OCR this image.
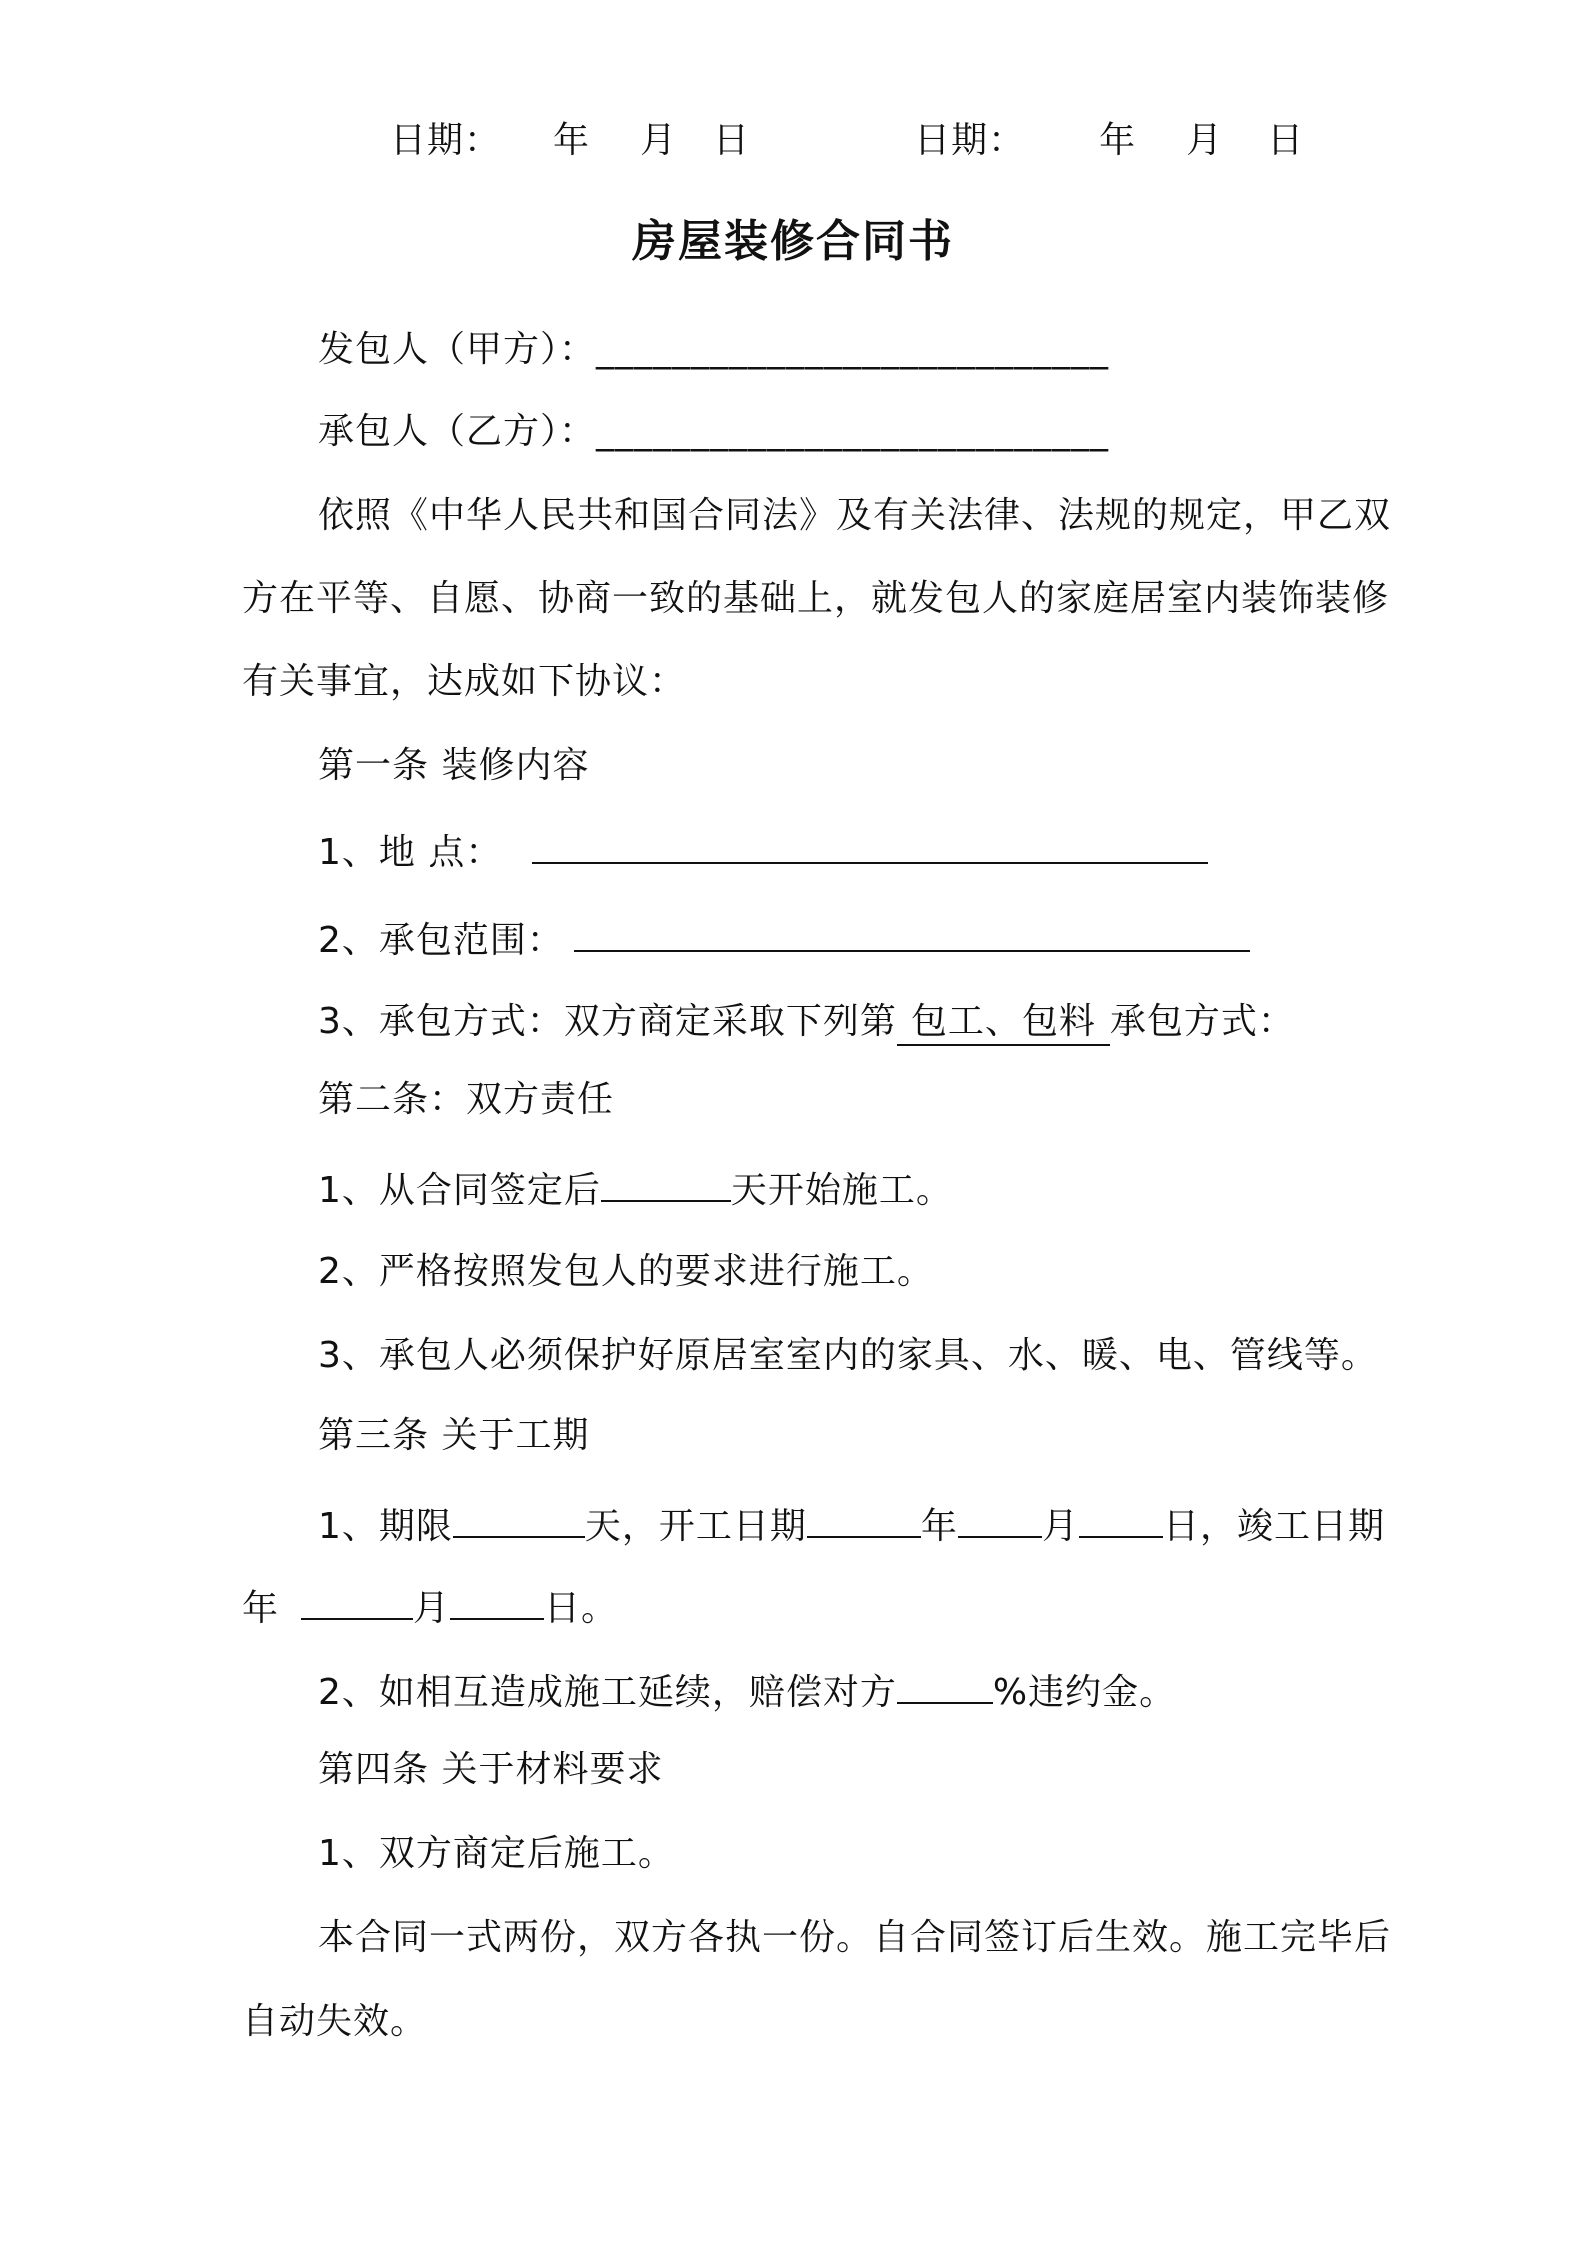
日期： 年 月 日	日期： 年 月 日
房屋装修合同书
发包人（甲方）：___________________________
承包人（乙方）：___________________________
依照《中华人民共和国合同法》及有关法律、法规的规定，甲乙双
方在平等、自愿、协商一致的基础上，就发包人的家庭居室内装饰装修
有关事宜，达成如下协议：
第一条 装修内容
1、地 点：
2、承包范围：
3、承包方式：双方商定采取下列第 包工、包料 承包方式：
第二条：双方责任
1、从合同签定后	天开始施工。
2、严格按照发包人的要求进行施工。
3、承包人必须保护好原居室室内的家具、水、暖、电、管线等。
第三条 关于工期
1、期限	天，开工日期	年 月 日，竣工日期
年	月	日。
2、如相互造成施工延续，赔偿对方	%违约金。
第四条 关于材料要求
1、双方商定后施工。
本合同一式两份，双方各执一份。自合同签订后生效。施工完毕后
自动失效。
